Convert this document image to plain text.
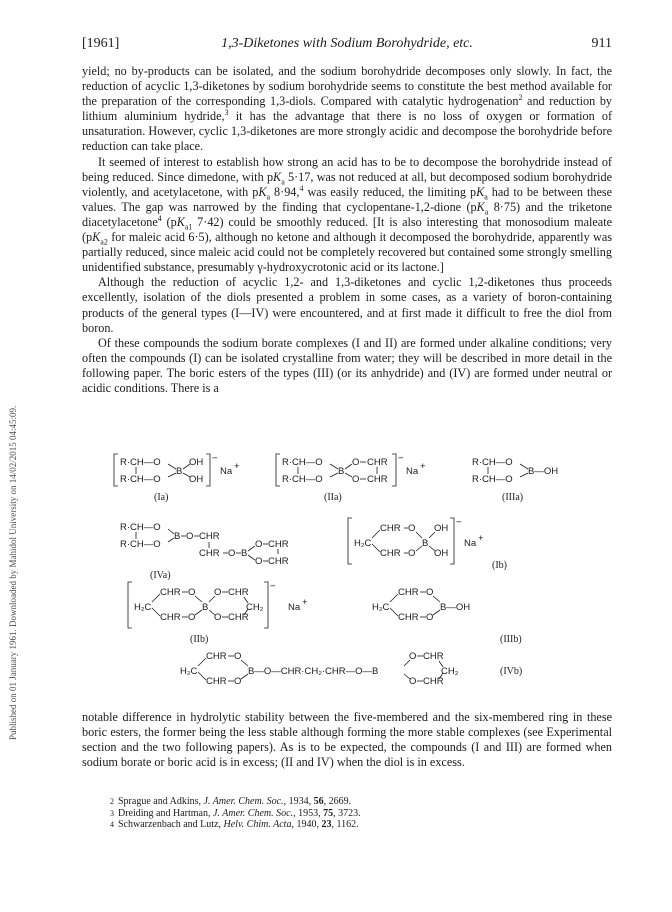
Published on 01 January 1961. Downloaded by Mahidol University on 14/02/2015 04:45:09.
[1961]	1,3-Diketones with Sodium Borohydride, etc.	911

yield; no by-products can be isolated, and the sodium borohydride decomposes only slowly. In fact, the reduction of acyclic 1,3-diketones by sodium borohydride seems to constitute the best method available for the preparation of the corresponding 1,3-diols. Compared with catalytic hydrogenation$^2$ and reduction by lithium aluminium hydride,$^3$ it has the advantage that there is no loss of oxygen or formation of unsaturation. However, cyclic 1,3-diketones are more strongly acidic and decompose the borohydride before reduction can take place.

It seemed of interest to establish how strong an acid has to be to decompose the borohydride instead of being reduced. Since dimedone, with $pK_a$ 5·17, was not reduced at all, but decomposed sodium borohydride violently, and acetylacetone, with $pK_a$ 8·94,$^4$ was easily reduced, the limiting $pK_a$ had to be between these values. The gap was narrowed by the finding that cyclopentane-1,2-dione ($pK_a$ 8·75) and the triketone diacetylacetone$^4$ ($pK_{a1}$ 7·42) could be smoothly reduced. [It is also interesting that monosodium maleate ($pK_{a2}$ for maleic acid 6·5), although no ketone and although it decomposed the borohydride, apparently was partially reduced, since maleic acid could not be completely recovered but contained some strongly smelling unidentified substance, presumably γ-hydroxycrotonic acid or its lactone.]

Although the reduction of acyclic 1,2- and 1,3-diketones and cyclic 1,2-diketones thus proceeds excellently, isolation of the diols presented a problem in some cases, as a variety of boron-containing products of the general types (I—IV) were encountered, and at first made it difficult to free the diol from boron.

Of these compounds the sodium borate complexes (I and II) are formed under alkaline conditions; very often the compounds (I) can be isolated crystalline from water; they will be described in more detail in the following paper. The boric esters of the types (III) (or its anhydride) and (IV) are formed under neutral or acidic conditions. There is a

R·CH—O
R·CH—O
B
OH
OH
−
Na +
(Ia)
R·CH—O
R·CH—O
B
O CHR
O CHR
−
Na +
(IIa)
R·CH—O
R·CH—O
B—OH
(IIIa)
R·CH—O
R·CH—O
B O CHR
CHR O B
O CHR
O CHR
(IVa)
H₂C
CHR O
CHR O
B
OH
OH
−
Na +
(Ib)
H₂C
CHR O
CHR O
B
O CHR
O CHR
CH₂
−
Na +
(IIb)
H₂C
CHR O
CHR O
B—OH
(IIIb)
H₂C
CHR O
CHR O
B—O—CHR·CH₂·CHR—O—B
O CHR
O CHR
CH₂	(IVb)

notable difference in hydrolytic stability between the five-membered and the six-membered ring in these boric esters, the former being the less stable although forming the more stable complexes (see Experimental section and the two following papers). As is to be expected, the compounds (I and III) are formed when sodium borate or boric acid is in excess; (II and IV) when the diol is in excess.

2 Sprague and Adkins, J. Amer. Chem. Soc., 1934, 56, 2669.
3 Dreiding and Hartman, J. Amer. Chem. Soc., 1953, 75, 3723.
4 Schwarzenbach and Lutz, Helv. Chim. Acta, 1940, 23, 1162.
